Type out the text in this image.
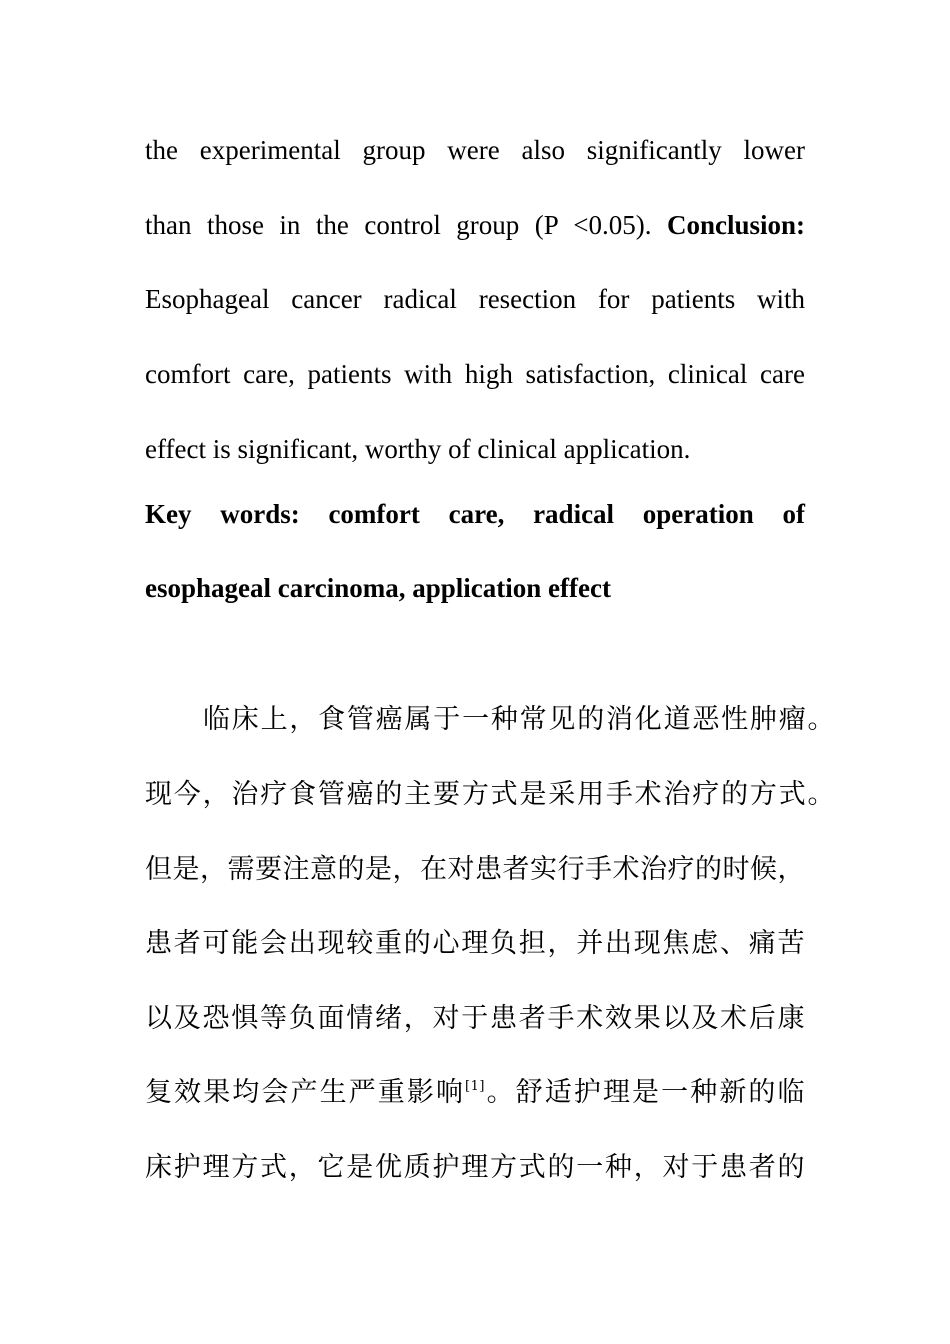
the experimental group were also significantly lower
than those in the control group (P <0.05). Conclusion:
Esophageal cancer radical resection for patients with
comfort care, patients with high satisfaction, clinical care
effect is significant, worthy of clinical application.
Key words: comfort care, radical operation of
esophageal carcinoma, application effect
临床上，食管癌属于一种常见的消化道恶性肿瘤。
现今，治疗食管癌的主要方式是采用手术治疗的方式。
但是，需要注意的是，在对患者实行手术治疗的时候，
患者可能会出现较重的心理负担，并出现焦虑、痛苦
以及恐惧等负面情绪，对于患者手术效果以及术后康
复效果均会产生严重影响[1]。舒适护理是一种新的临
床护理方式，它是优质护理方式的一种，对于患者的
